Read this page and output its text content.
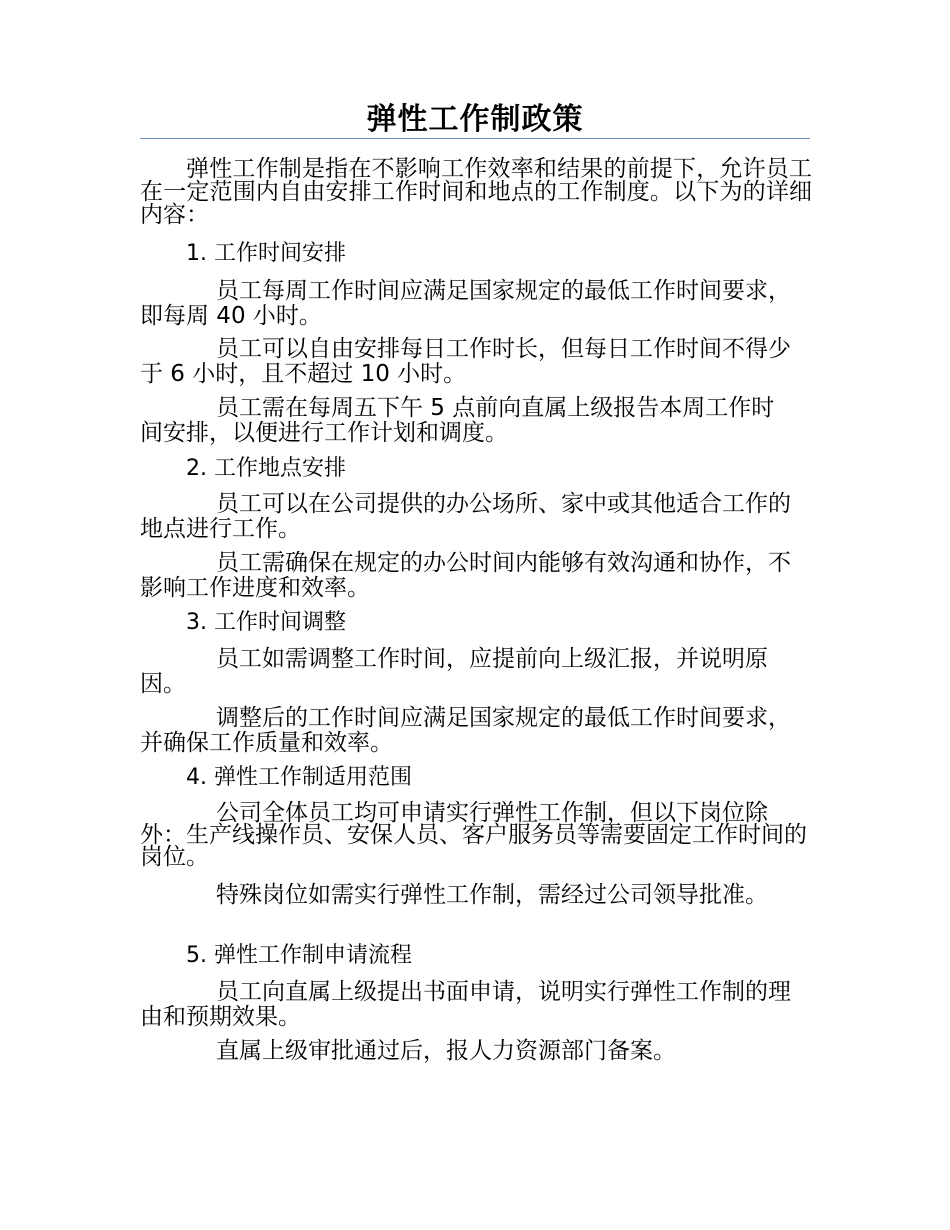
弹性工作制政策
弹性工作制是指在不影响工作效率和结果的前提下，允许员工在一定范围内自由安排工作时间和地点的工作制度。以下为的详细内容：
1. 工作时间安排
员工每周工作时间应满足国家规定的最低工作时间要求，即每周 40 小时。
员工可以自由安排每日工作时长，但每日工作时间不得少于 6 小时，且不超过 10 小时。
员工需在每周五下午 5 点前向直属上级报告本周工作时间安排，以便进行工作计划和调度。
2. 工作地点安排
员工可以在公司提供的办公场所、家中或其他适合工作的地点进行工作。
员工需确保在规定的办公时间内能够有效沟通和协作，不影响工作进度和效率。
3. 工作时间调整
员工如需调整工作时间，应提前向上级汇报，并说明原因。
调整后的工作时间应满足国家规定的最低工作时间要求，并确保工作质量和效率。
4. 弹性工作制适用范围
公司全体员工均可申请实行弹性工作制，但以下岗位除外：生产线操作员、安保人员、客户服务员等需要固定工作时间的岗位。
特殊岗位如需实行弹性工作制，需经过公司领导批准。
5. 弹性工作制申请流程
员工向直属上级提出书面申请，说明实行弹性工作制的理由和预期效果。
直属上级审批通过后，报人力资源部门备案。
